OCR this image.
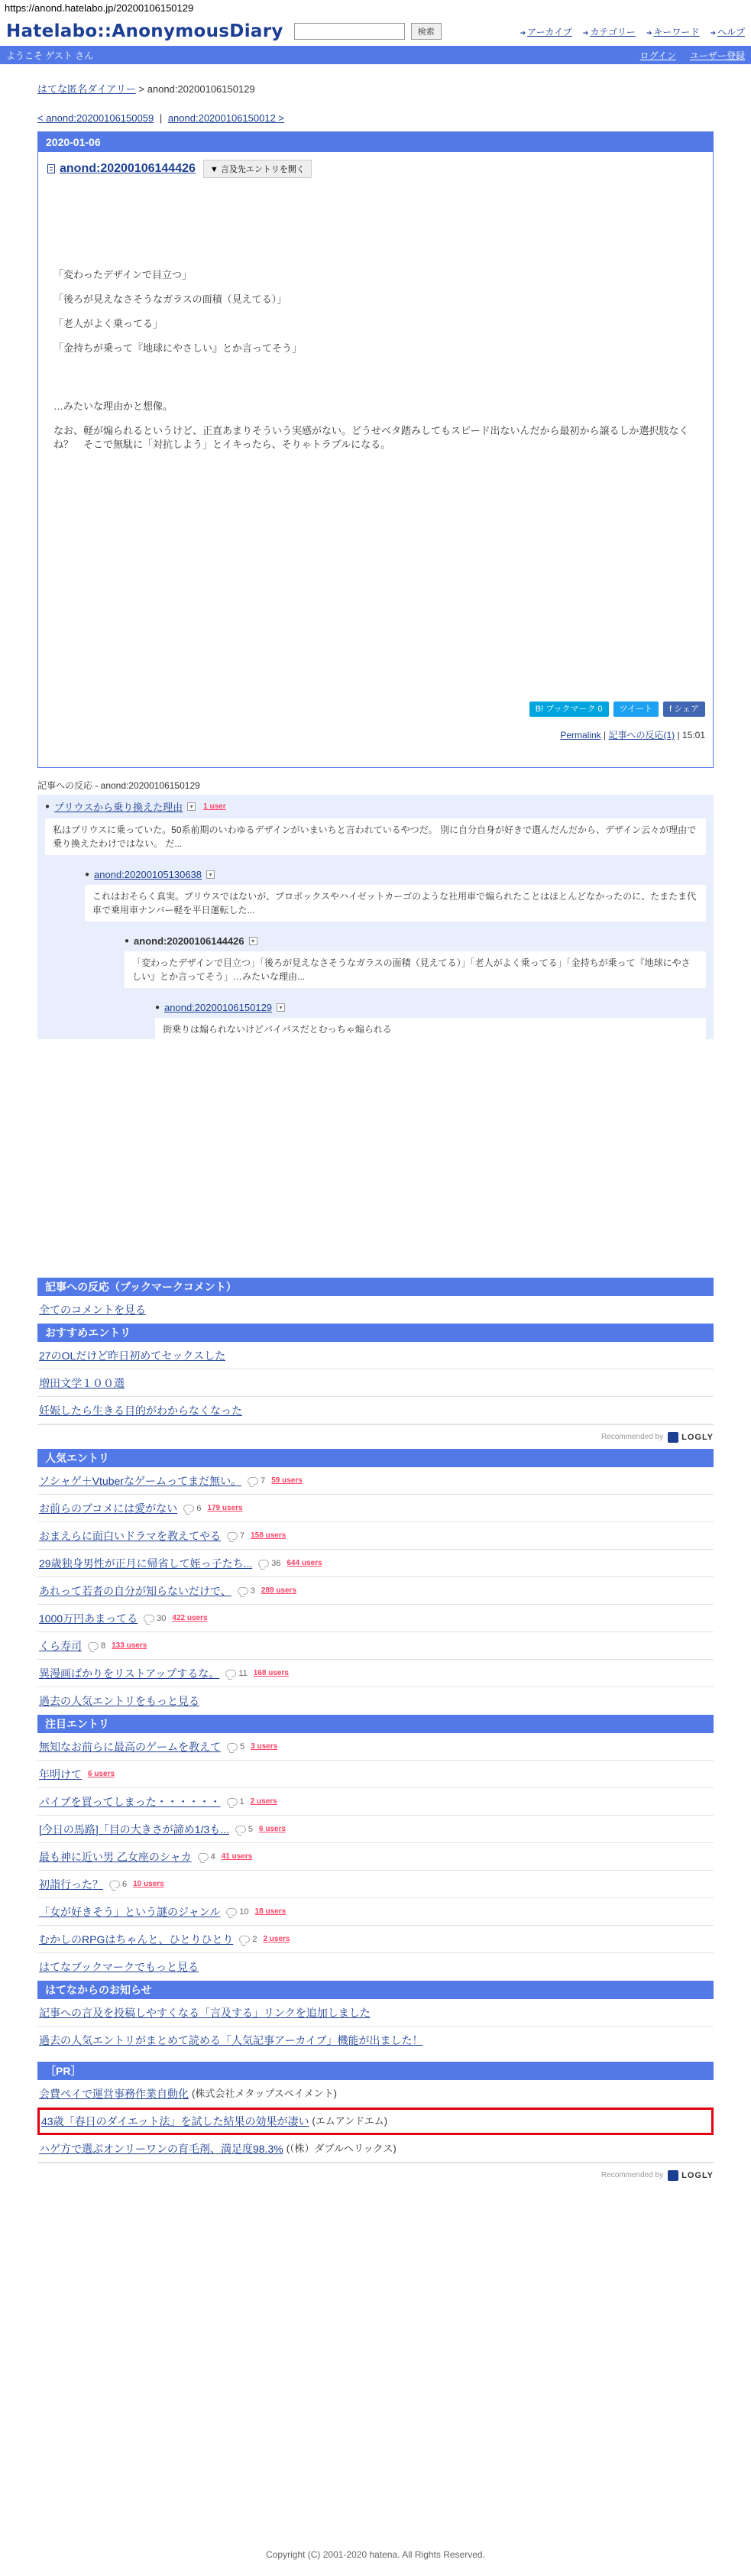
https://anond.hatelabo.jp/20200106150129
Hatelabo::AnonymousDiary	検索	➔ アーカイブ	➔ カテゴリー	➔ キーワード	➔ ヘルプ
ようこそ ゲスト さん	ログイン ユーザー登録
はてな匿名ダイアリー > anond:20200106150129
< anond:20200106150059 | anond:20200106150012 >
2020-01-06
anond:20200106144426	▼ 言及先エントリを開く

「変わったデザインで目立つ」

「後ろが見えなさそうなガラスの面積（見えてる）」

「老人がよく乗ってる」

「金持ちが乗って『地球にやさしい』とか言ってそう」

…みたいな理由かと想像。

なお、軽が煽られるというけど、正直あまりそういう実感がない。どうせベタ踏みしてもスピード出ないんだから最初から譲るしか選択肢なくね？　そこで無駄に「対抗しよう」とイキったら、そりゃトラブルになる。

B! ブックマーク 0	ツイート	f シェア
Permalink | 記事への反応(1) | 15:01
記事への反応 - anond:20200106150129
● プリウスから乗り換えた理由	▾	1 user
私はプリウスに乗っていた。50系前期のいわゆるデザインがいまいちと言われているやつだ。 別に自分自身が好きで選んだんだから、デザイン云々が理由で乗り換えたわけではない。 だ...
● anond:20200105130638	▾
これはおそらく真実。プリウスではないが、プロボックスやハイゼットカーゴのような社用車で煽られたことはほとんどなかったのに、たまたま代車で乗用車ナンバー軽を平日運転した...
● anond:20200106144426	▾
「変わったデザインで目立つ」「後ろが見えなさそうなガラスの面積（見えてる）」「老人がよく乗ってる」「金持ちが乗って『地球にやさしい』とか言ってそう」…みたいな理由...
● anond:20200106150129	▾
街乗りは煽られないけどバイパスだとむっちゃ煽られる
記事への反応（ブックマークコメント）
全てのコメントを見る
おすすめエントリ
27のOLだけど昨日初めてセックスした
増田文学１００選
妊娠したら生きる目的がわからなくなった
Recommended by LOGLY
人気エントリ
ソシャゲ＋Vtuberなゲームってまだ無い。 7 59 users
お前らのブコメには愛がない 6 179 users
おまえらに面白いドラマを教えてやる 7 158 users
29歳独身男性が正月に帰省して姪っ子たち... 36 644 users
あれって若者の自分が知らないだけで、 3 289 users
1000万円あまってる 30 422 users
くら寿司 8 133 users
異漫画ばかりをリストアップするな。 11 168 users
過去の人気エントリをもっと見る
注目エントリ
無知なお前らに最高のゲームを教えて 5 3 users
年明けて 6 users
パイプを買ってしまった・・・・・・ 1 2 users
[今日の馬路]「目の大きさが諦め1/3も... 5 6 users
最も神に近い男 乙女座のシャカ 4 41 users
初詣行った？ 6 10 users
「女が好きそう」という謎のジャンル 10 18 users
むかしのRPGはちゃんと、ひとりひとり 2 2 users
はてなブックマークでもっと見る
はてなからのお知らせ
記事への言及を投稿しやすくなる「言及する」リンクを追加しました
過去の人気エントリがまとめて読める「人気記事アーカイブ」機能が出ました！
［PR］
会費ペイで運営事務作業自動化 (株式会社メタップスペイメント)
43歳「春日のダイエット法」を試した結果の効果が凄い (エムアンドエム)
ハゲ方で選ぶオンリーワンの育毛剤、満足度98.3% (（株）ダブルヘリックス)
Recommended by LOGLY
Copyright (C) 2001-2020 hatena. All Rights Reserved.
